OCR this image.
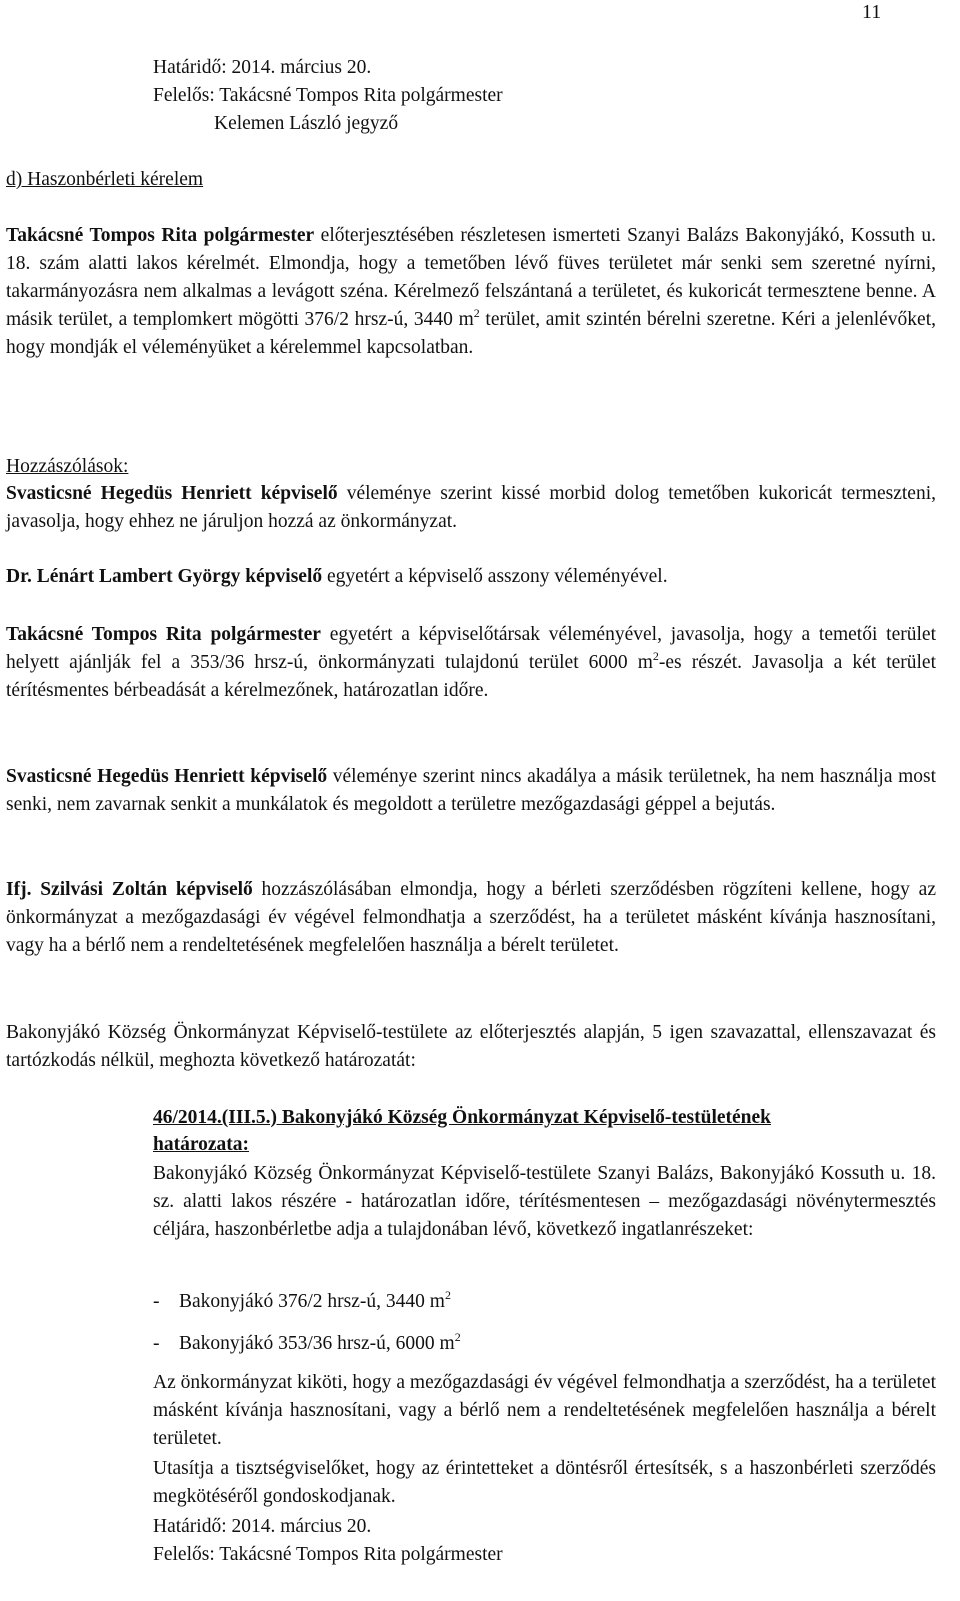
11
Határidő: 2014. március 20.
Felelős: Takácsné Tompos Rita polgármester
Kelemen László jegyző
d) Haszonbérleti kérelem
Takácsné Tompos Rita polgármester előterjesztésében részletesen ismerteti Szanyi Balázs Bakonyjákó, Kossuth u. 18. szám alatti lakos kérelmét. Elmondja, hogy a temetőben lévő füves területet már senki sem szeretné nyírni, takarmányozásra nem alkalmas a levágott széna. Kérelmező felszántaná a területet, és kukoricát termesztene benne. A másik terület, a templomkert mögötti 376/2 hrsz-ú, 3440 $m^2$ terület, amit szintén bérelni szeretne. Kéri a jelenlévőket, hogy mondják el véleményüket a kérelemmel kapcsolatban.
Hozzászólások:
Svasticsné Hegedüs Henriett képviselő véleménye szerint kissé morbid dolog temetőben kukoricát termeszteni, javasolja, hogy ehhez ne járuljon hozzá az önkormányzat.
Dr. Lénárt Lambert György képviselő egyetért a képviselő asszony véleményével.
Takácsné Tompos Rita polgármester egyetért a képviselőtársak véleményével, javasolja, hogy a temetői terület helyett ajánlják fel a 353/36 hrsz-ú, önkormányzati tulajdonú terület 6000 $m^2-es$ részét. Javasolja a két terület térítésmentes bérbeadását a kérelmezőnek, határozatlan időre.
Svasticsné Hegedüs Henriett képviselő véleménye szerint nincs akadálya a másik területnek, ha nem használja most senki, nem zavarnak senkit a munkálatok és megoldott a területre mezőgazdasági géppel a bejutás.
Ifj. Szilvási Zoltán képviselő hozzászólásában elmondja, hogy a bérleti szerződésben rögzíteni kellene, hogy az önkormányzat a mezőgazdasági év végével felmondhatja a szerződést, ha a területet másként kívánja hasznosítani, vagy ha a bérlő nem a rendeltetésének megfelelően használja a bérelt területet.
Bakonyjákó Község Önkormányzat Képviselő-testülete az előterjesztés alapján, 5 igen szavazattal, ellenszavazat és tartózkodás nélkül, meghozta következő határozatát:
46/2014.(III.5.) Bakonyjákó Község Önkormányzat Képviselő-testületének
határozata:
Bakonyjákó Község Önkormányzat Képviselő-testülete Szanyi Balázs, Bakonyjákó Kossuth u. 18. sz. alatti lakos részére - határozatlan időre, térítésmentesen – mezőgazdasági növénytermesztés céljára, haszonbérletbe adja a tulajdonában lévő, következő ingatlanrészeket:
- Bakonyjákó 376/2 hrsz-ú, 3440 $m^2$
- Bakonyjákó 353/36 hrsz-ú, 6000 $m^2$
Az önkormányzat kiköti, hogy a mezőgazdasági év végével felmondhatja a szerződést, ha a területet másként kívánja hasznosítani, vagy a bérlő nem a rendeltetésének megfelelően használja a bérelt területet.
Utasítja a tisztségviselőket, hogy az érintetteket a döntésről értesítsék, s a haszonbérleti szerződés megkötéséről gondoskodjanak.
Határidő: 2014. március 20.
Felelős: Takácsné Tompos Rita polgármester
